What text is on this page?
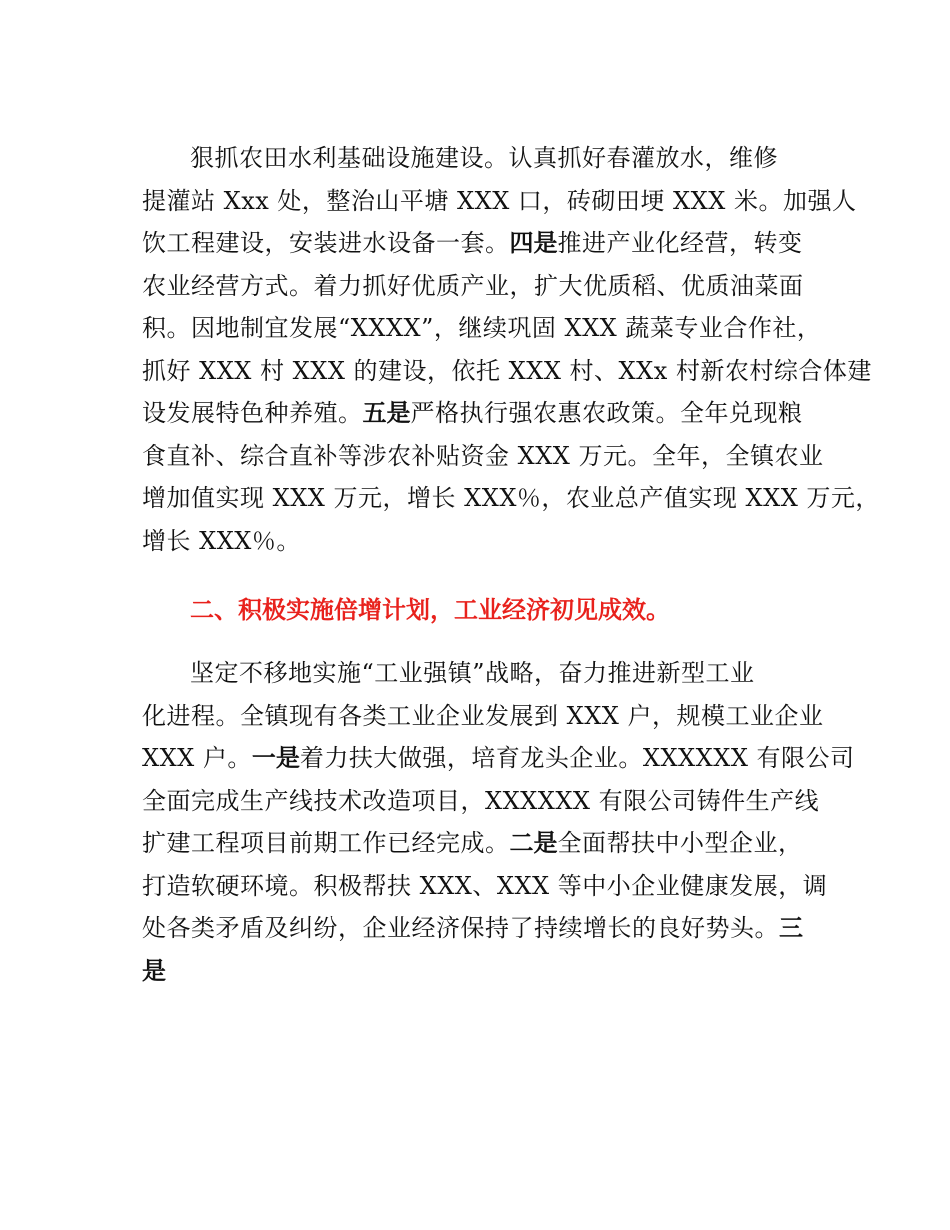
狠抓农田水利基础设施建设。认真抓好春灌放水，维修
提灌站 Xxx 处，整治山平塘 XXX 口，砖砌田埂 XXX 米。加强人
饮工程建设，安装进水设备一套。四是推进产业化经营，转变
农业经营方式。着力抓好优质产业，扩大优质稻、优质油菜面
积。因地制宜发展“XXXX”，继续巩固 XXX 蔬菜专业合作社，
抓好 XXX 村 XXX 的建设，依托 XXX 村、XXx 村新农村综合体建
设发展特色种养殖。五是严格执行强农惠农政策。全年兑现粮
食直补、综合直补等涉农补贴资金 XXX 万元。全年，全镇农业
增加值实现 XXX 万元，增长 XXX％，农业总产值实现 XXX 万元，
增长 XXX％。
二、积极实施倍增计划，工业经济初见成效。
坚定不移地实施“工业强镇”战略，奋力推进新型工业
化进程。全镇现有各类工业企业发展到 XXX 户，规模工业企业
XXX 户。一是着力扶大做强，培育龙头企业。XXXXXX 有限公司
全面完成生产线技术改造项目，XXXXXX 有限公司铸件生产线
扩建工程项目前期工作已经完成。二是全面帮扶中小型企业，
打造软硬环境。积极帮扶 XXX、XXX 等中小企业健康发展，调
处各类矛盾及纠纷，企业经济保持了持续增长的良好势头。三
是
